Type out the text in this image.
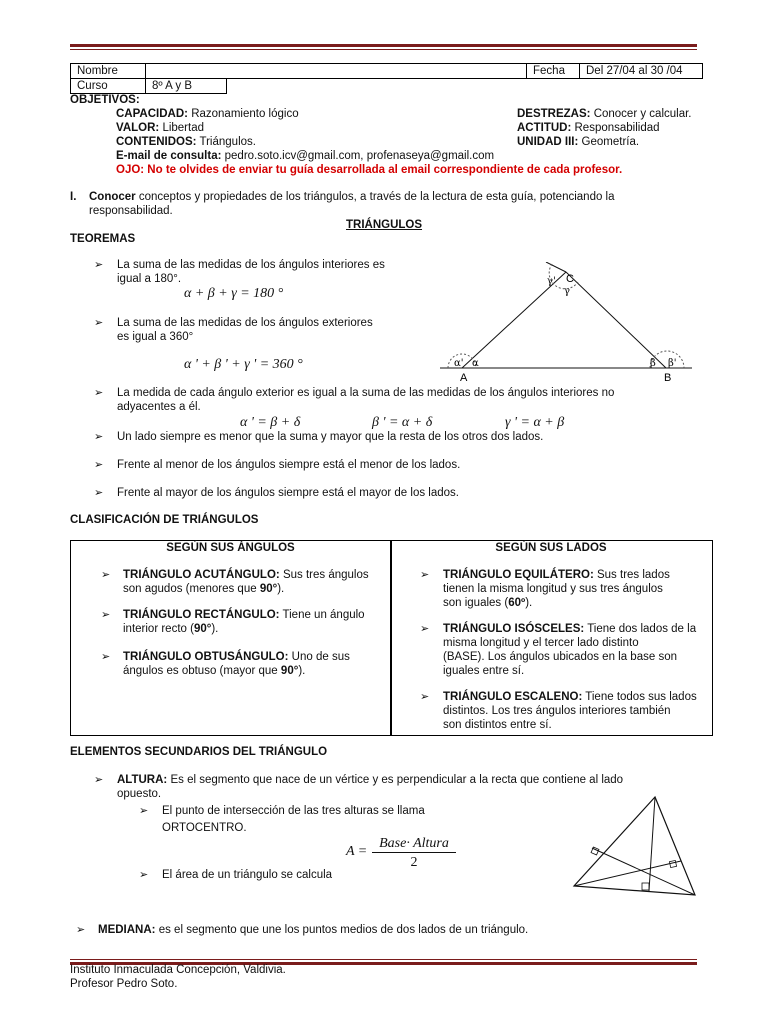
Nombre		Fecha	Del 27/04 al 30 /04
Curso	8º A y B
OBJETIVOS:
CAPACIDAD: Razonamiento lógico
VALOR: Libertad
CONTENIDOS: Triángulos.
E-mail de consulta: pedro.soto.icv@gmail.com, profenaseya@gmail.com
OJO: No te olvides de enviar tu guía desarrollada al email correspondiente de cada profesor.
DESTREZAS: Conocer y calcular.
ACTITUD: Responsabilidad
UNIDAD III: Geometría.
I. Conocer conceptos y propiedades de los triángulos, a través de la lectura de esta guía, potenciando la
responsabilidad.
TRIÁNGULOS
TEOREMAS
➢ La suma de las medidas de los ángulos interiores es
igual a 180°.
α + β + γ = 180 °
➢ La suma de las medidas de los ángulos exteriores
es igual a 360°
α ' + β ' + γ ' = 360 °
A	B
C
α' α	β β'
γ'
γ
➢ La medida de cada ángulo exterior es igual a la suma de las medidas de los ángulos interiores no
adyacentes a él.
α ' = β + δ	β ' = α + δ	γ ' = α + β
➢ Un lado siempre es menor que la suma y mayor que la resta de los otros dos lados.
➢ Frente al menor de los ángulos siempre está el menor de los lados.
➢ Frente al mayor de los ángulos siempre está el mayor de los lados.
CLASIFICACIÓN DE TRIÁNGULOS
SEGÚN SUS ÁNGULOS	SEGÚN SUS LADOS
➢ TRIÁNGULO ACUTÁNGULO: Sus tres ángulos
son agudos (menores que 90°).
➢ TRIÁNGULO RECTÁNGULO: Tiene un ángulo
interior recto (90°).
➢ TRIÁNGULO OBTUSÁNGULO: Uno de sus
ángulos es obtuso (mayor que 90°).
➢ TRIÁNGULO EQUILÁTERO: Sus tres lados
tienen la misma longitud y sus tres ángulos
son iguales (60º).
➢ TRIÁNGULO ISÓSCELES: Tiene dos lados de la
misma longitud y el tercer lado distinto
(BASE). Los ángulos ubicados en la base son
iguales entre sí.
➢ TRIÁNGULO ESCALENO: Tiene todos sus lados
distintos. Los tres ángulos interiores también
son distintos entre sí.
ELEMENTOS SECUNDARIOS DEL TRIÁNGULO
➢ ALTURA: Es el segmento que nace de un vértice y es perpendicular a la recta que contiene al lado
opuesto.
➢ El punto de intersección de las tres alturas se llama
ORTOCENTRO.
A =
Base· Altura
2
➢ El área de un triángulo se calcula
➢ MEDIANA: es el segmento que une los puntos medios de dos lados de un triángulo.
Instituto Inmaculada Concepción, Valdivia.
Profesor Pedro Soto.
